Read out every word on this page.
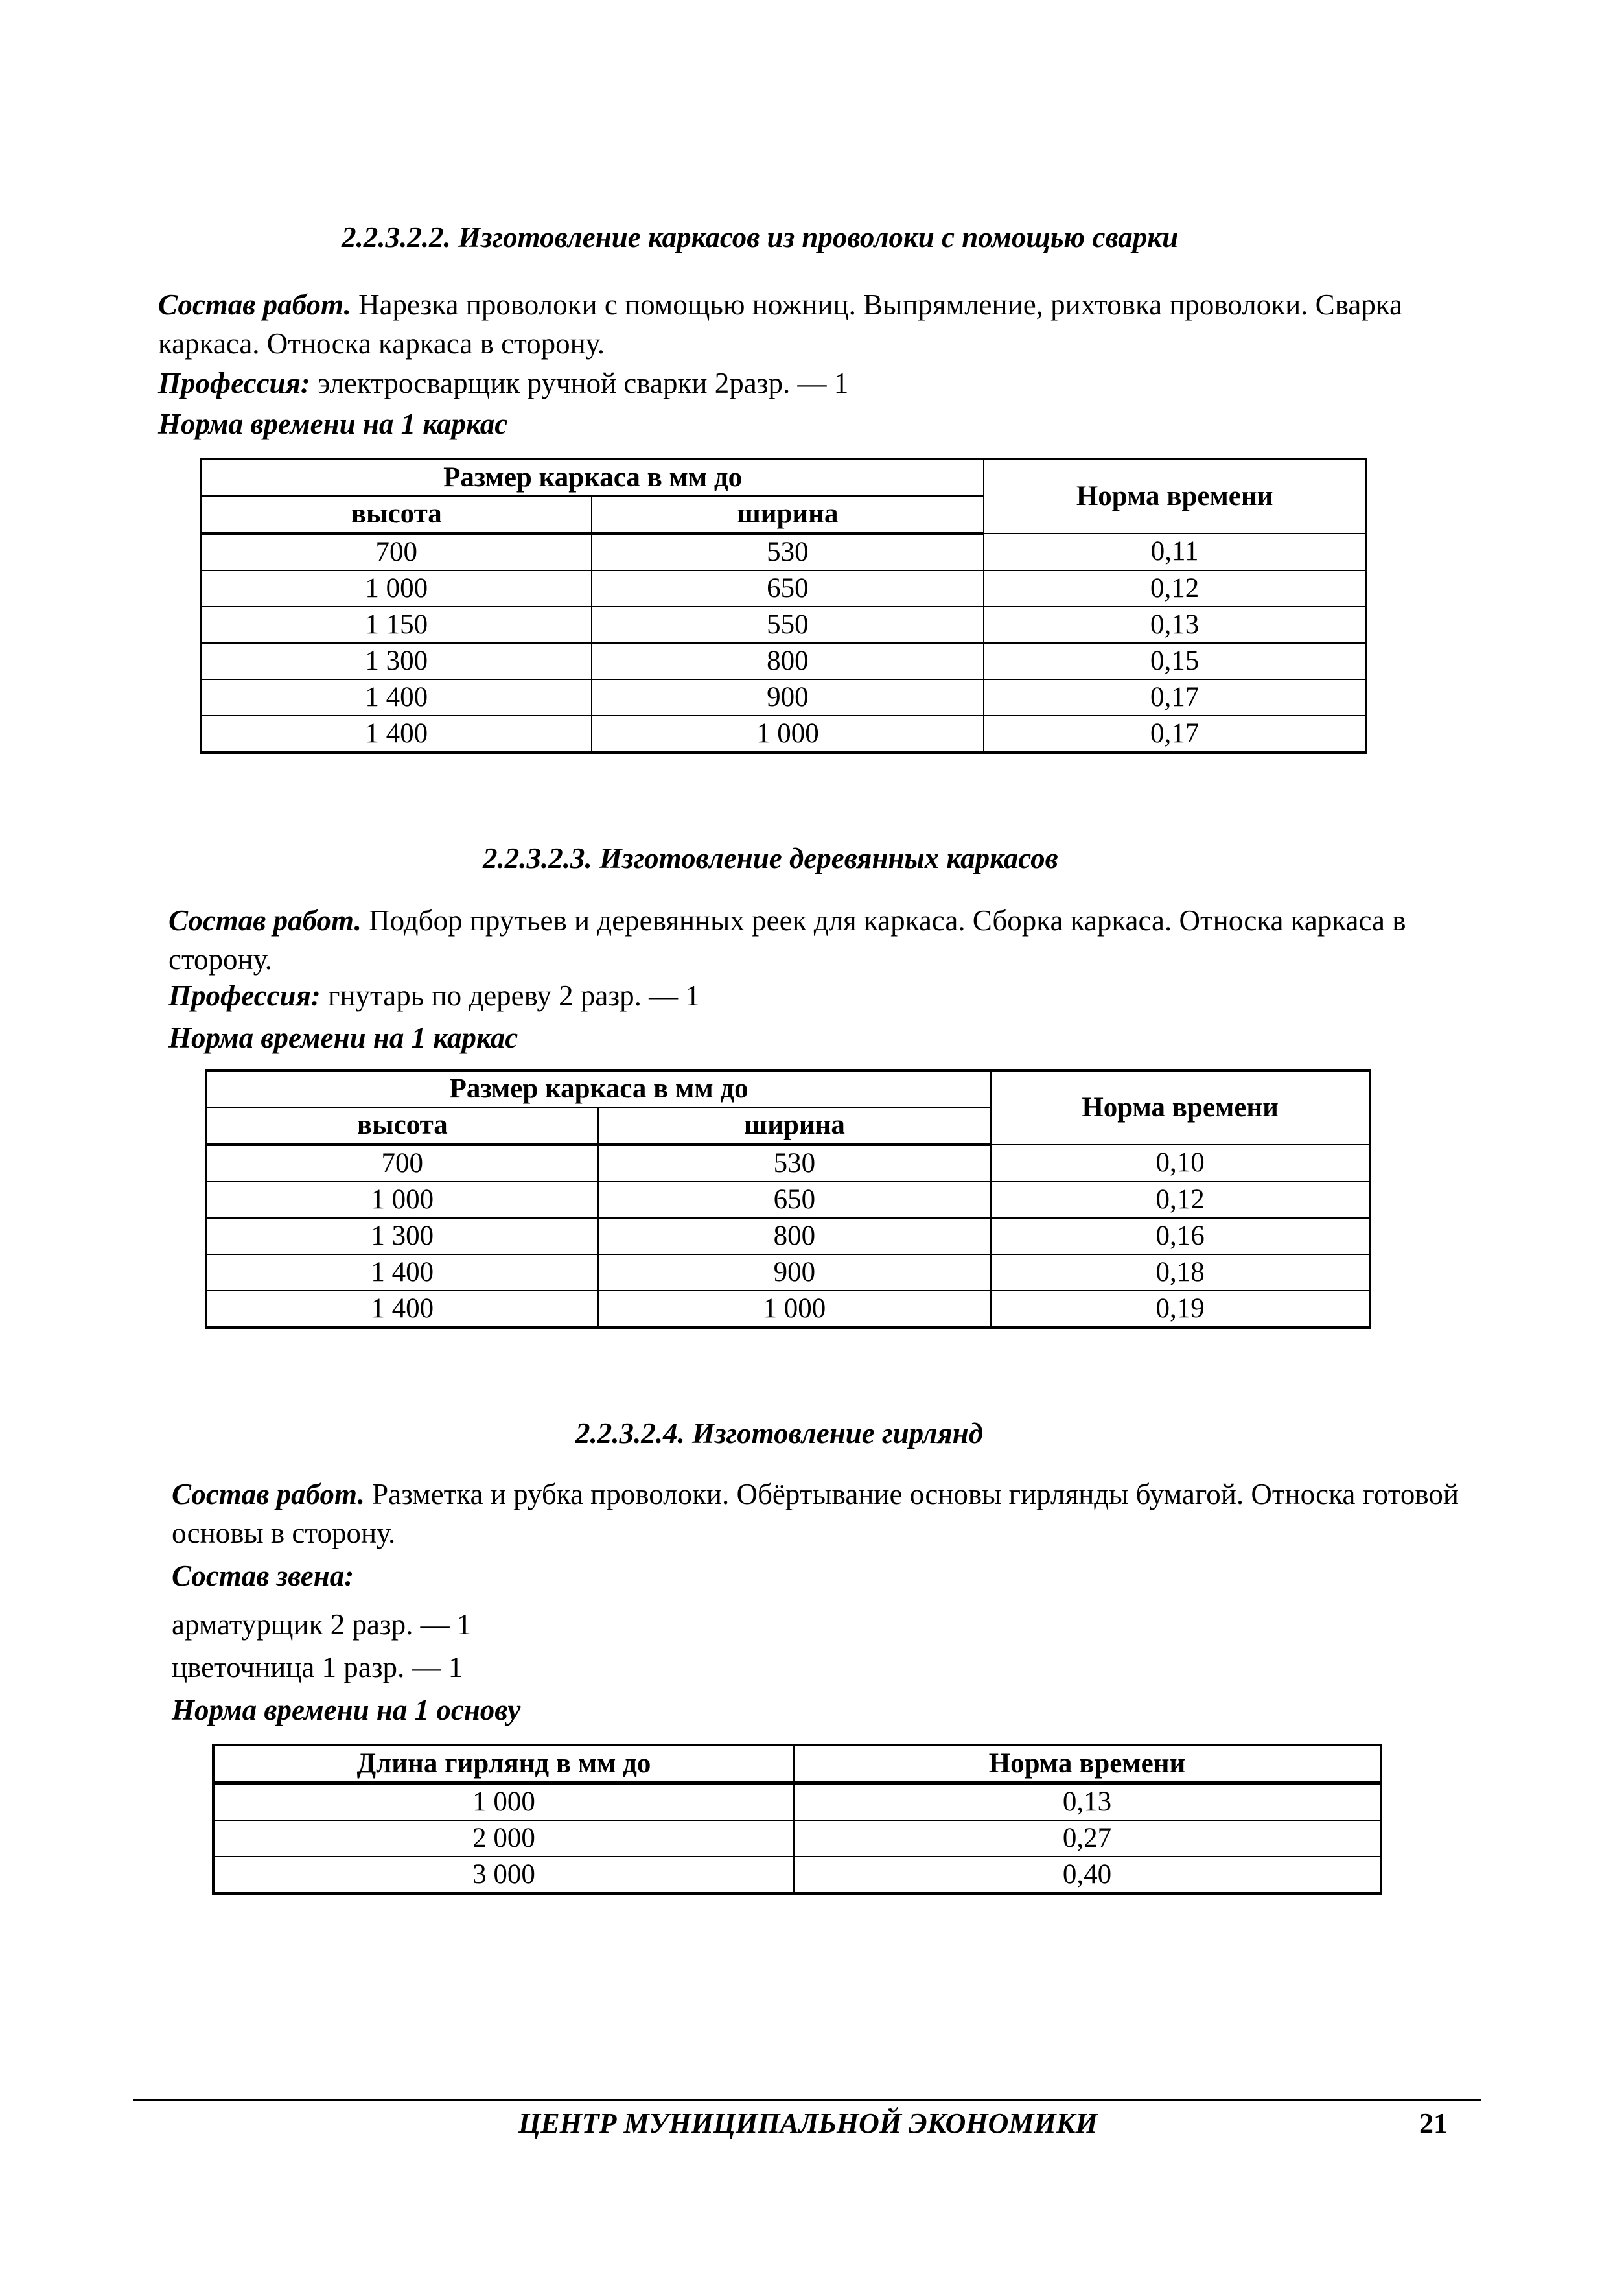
2.2.3.2.2. Изготовление каркасов из проволоки с помощью сварки
Состав работ. Нарезка проволоки с помощью ножниц. Выпрямление, рихтовка проволоки. Сварка каркаса. Относка каркаса в сторону.
Профессия: электросварщик ручной сварки 2разр. — 1
Норма времени на 1 каркас
Размер каркаса в мм до		Норма времени
высота	ширина	
700	530	0,11
1 000	650	0,12
1 150	550	0,13
1 300	800	0,15
1 400	900	0,17
1 400	1 000	0,17
2.2.3.2.3. Изготовление деревянных каркасов
Состав работ. Подбор прутьев и деревянных реек для каркаса. Сборка каркаса. Относка каркаса в сторону.
Профессия: гнутарь по дереву 2 разр. — 1
Норма времени на 1 каркас
Размер каркаса в мм до		Норма времени
высота	ширина	
700	530	0,10
1 000	650	0,12
1 300	800	0,16
1 400	900	0,18
1 400	1 000	0,19
2.2.3.2.4. Изготовление гирлянд
Состав работ. Разметка и рубка проволоки. Обёртывание основы гирлянды бумагой. Относка готовой основы в сторону.
Состав звена:
арматурщик 2 разр. — 1
цветочница 1 разр. — 1
Норма времени на 1 основу
Длина гирлянд в мм до	Норма времени
1 000	0,13
2 000	0,27
3 000	0,40
ЦЕНТР МУНИЦИПАЛЬНОЙ ЭКОНОМИКИ	21
